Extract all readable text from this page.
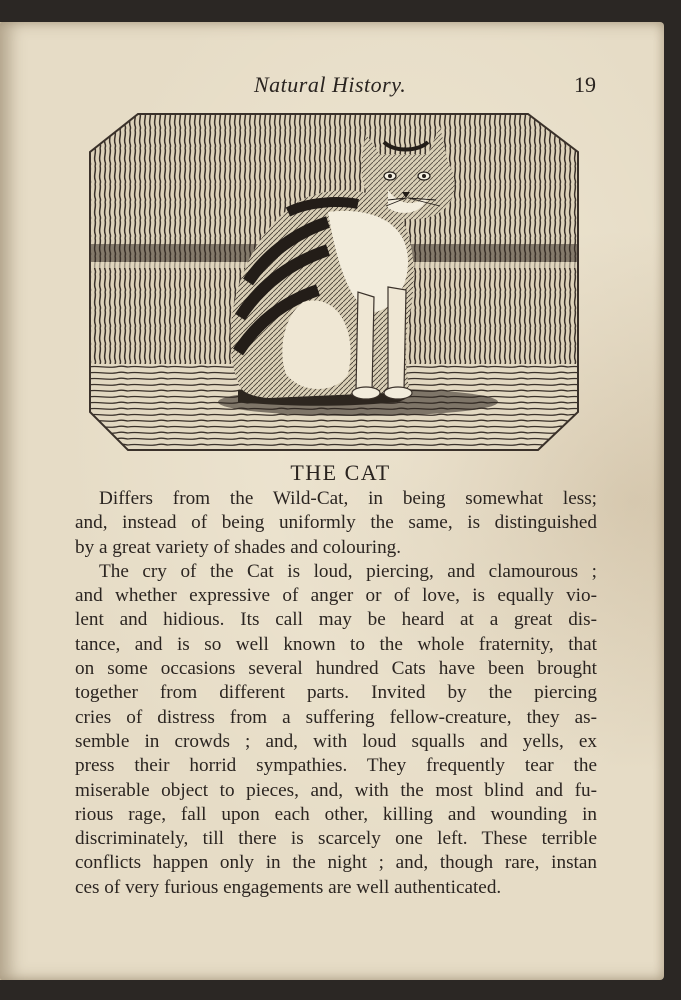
Natural History.	19
THE CAT
Differs from the Wild-Cat, in being somewhat less;
and, instead of being uniformly the same, is distinguished
by a great variety of shades and colouring.
The cry of the Cat is loud, piercing, and clamourous ;
and whether expressive of anger or of love, is equally vio-
lent and hidious. Its call may be heard at a great dis-
tance, and is so well known to the whole fraternity, that
on some occasions several hundred Cats have been brought
together from different parts. Invited by the piercing
cries of distress from a suffering fellow-creature, they as-
semble in crowds ; and, with loud squalls and yells, ex
press their horrid sympathies. They frequently tear the
miserable object to pieces, and, with the most blind and fu-
rious rage, fall upon each other, killing and wounding in
discriminately, till there is scarcely one left. These terrible
conflicts happen only in the night ; and, though rare, instan
ces of very furious engagements are well authenticated.
